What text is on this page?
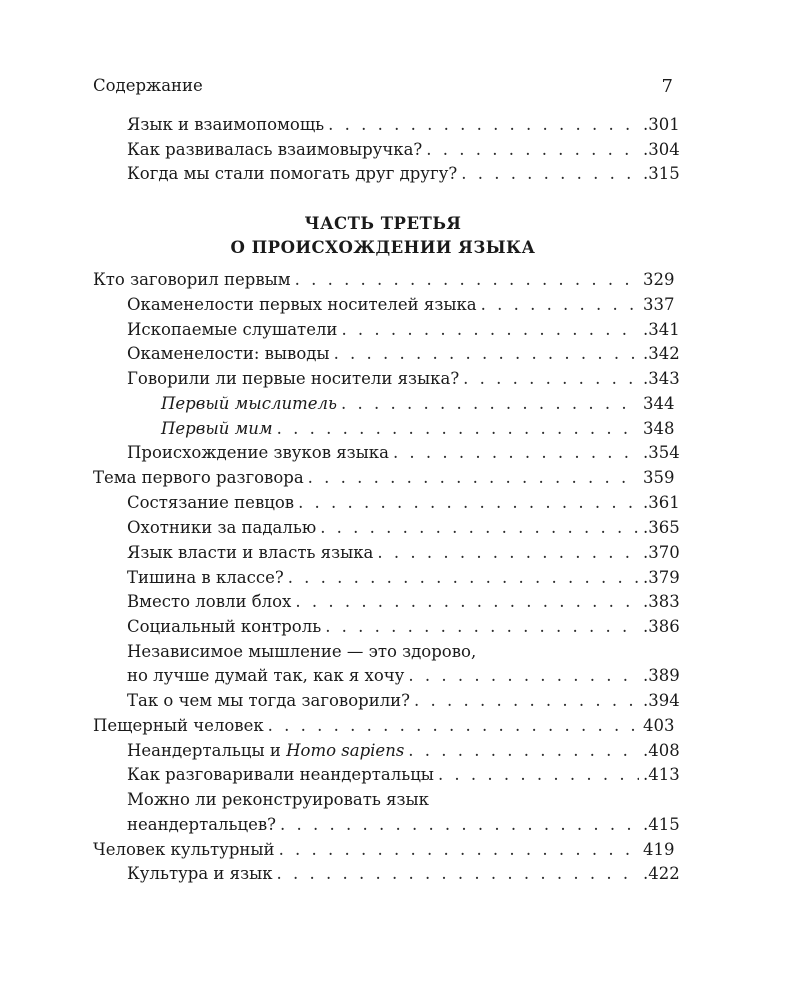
Содержание	7
Язык и взаимопомощь . . .	.301
Как развивалась взаимовыручка? . . .	.304
Когда мы стали помогать друг другу? . . .	.315
ЧАСТЬ ТРЕТЬЯ
О ПРОИСХОЖДЕНИИ ЯЗЫКА
Кто заговорил первым . . .	329
Окаменелости первых носителей языка . . .	337
Ископаемые слушатели . . .	.341
Окаменелости: выводы . . .	.342
Говорили ли первые носители языка? . . .	.343
Первый мыслитель . . .	344
Первый мим . . .	348
Происхождение звуков языка . . .	.354
Тема первого разговора . . .	359
Состязание певцов . . .	.361
Охотники за падалью . . .	.365
Язык власти и власть языка . . .	.370
Тишина в классе? . . .	.379
Вместо ловли блох . . .	.383
Социальный контроль . . .	.386
Независимое мышление — это здорово,
но лучше думай так, как я хочу . . .	.389
Так о чем мы тогда заговорили? . . .	.394
Пещерный человек . . .	403
Неандертальцы и Homo sapiens . . .	.408
Как разговаривали неандертальцы . . .	.413
Можно ли реконструировать язык
неандертальцев? . . .	.415
Человек культурный . . .	419
Культура и язык . . .	.422
